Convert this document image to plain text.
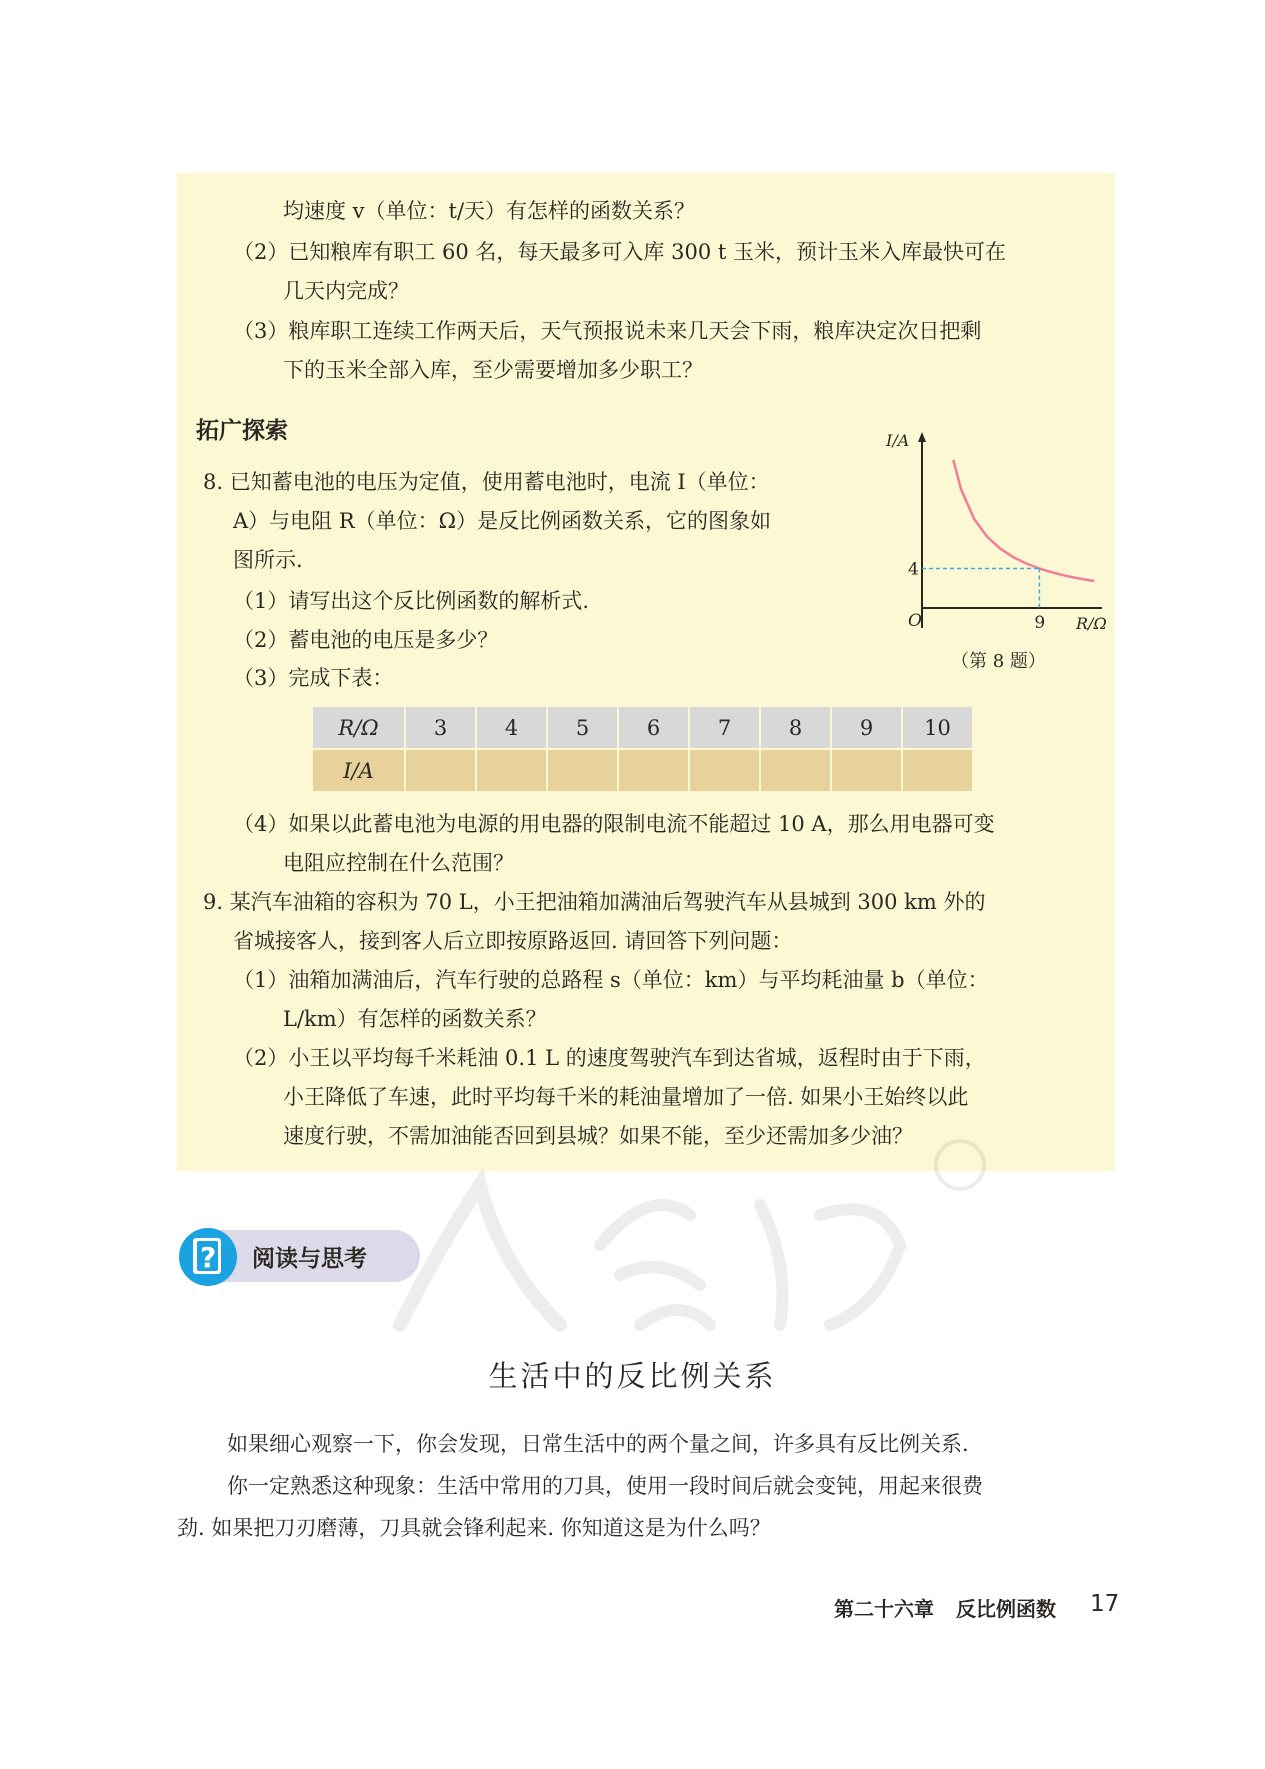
均速度 v（单位：t/天）有怎样的函数关系？
（2）已知粮库有职工 60 名，每天最多可入库 300 t 玉米，预计玉米入库最快可在
几天内完成？
（3）粮库职工连续工作两天后，天气预报说未来几天会下雨，粮库决定次日把剩
下的玉米全部入库，至少需要增加多少职工？
拓广探索
8. 已知蓄电池的电压为定值，使用蓄电池时，电流 I（单位：
A）与电阻 R（单位：Ω）是反比例函数关系，它的图象如
图所示.
（1）请写出这个反比例函数的解析式.
（2）蓄电池的电压是多少？
（3）完成下表：
4
9
O
I/A
R/Ω
（第 8 题）
R/Ω	3	4	5	6	7	8	9	10
I/A								
（4）如果以此蓄电池为电源的用电器的限制电流不能超过 10 A，那么用电器可变
电阻应控制在什么范围？
9. 某汽车油箱的容积为 70 L，小王把油箱加满油后驾驶汽车从县城到 300 km 外的
省城接客人，接到客人后立即按原路返回. 请回答下列问题：
（1）油箱加满油后，汽车行驶的总路程 s（单位：km）与平均耗油量 b（单位：
L/km）有怎样的函数关系？
（2）小王以平均每千米耗油 0.1 L 的速度驾驶汽车到达省城，返程时由于下雨，
小王降低了车速，此时平均每千米的耗油量增加了一倍. 如果小王始终以此
速度行驶，不需加油能否回到县城？如果不能，至少还需加多少油？
? 阅读与思考
生活中的反比例关系
如果细心观察一下，你会发现，日常生活中的两个量之间，许多具有反比例关系.
你一定熟悉这种现象：生活中常用的刀具，使用一段时间后就会变钝，用起来很费
劲. 如果把刀刃磨薄，刀具就会锋利起来. 你知道这是为什么吗？
第二十六章 反比例函数 17
